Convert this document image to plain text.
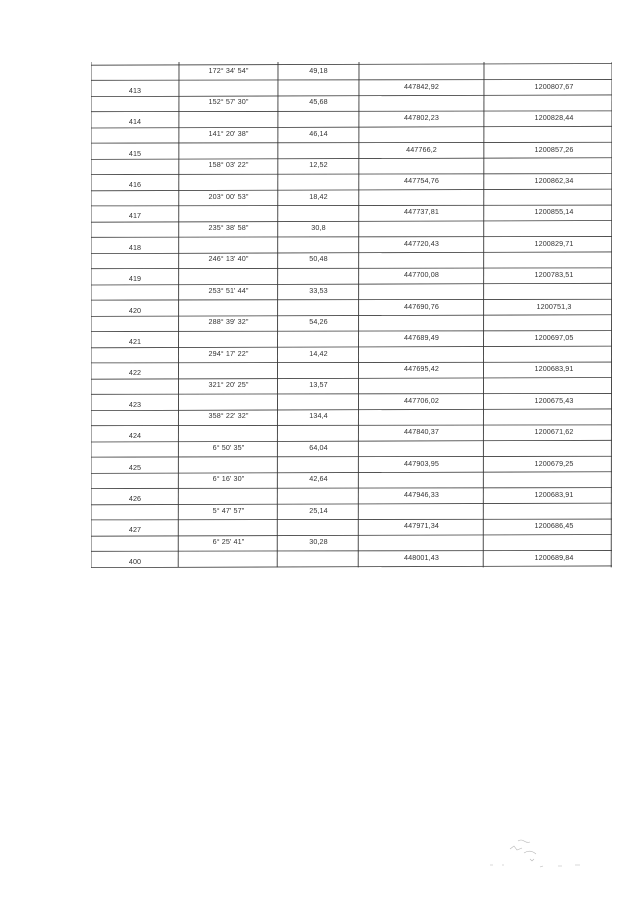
172° 34' 54"	49,18
413	447842,92	1200807,67
152° 57' 30"	45,68
414	447802,23	1200828,44
141° 20' 38"	46,14
415	447766,2	1200857,26
158° 03' 22"	12,52
416	447754,76	1200862,34
203° 00' 53"	18,42
417	447737,81	1200855,14
235° 38' 58"	30,8
418	447720,43	1200829,71
246° 13' 40"	50,48
419	447700,08	1200783,51
253° 51' 44"	33,53
420	447690,76	1200751,3
288° 39' 32"	54,26
421	447689,49	1200697,05
294° 17' 22"	14,42
422	447695,42	1200683,91
321° 20' 25"	13,57
423	447706,02	1200675,43
358° 22' 32"	134,4
424	447840,37	1200671,62
6° 50' 35"	64,04
425	447903,95	1200679,25
6° 16' 30"	42,64
426	447946,33	1200683,91
5° 47' 57"	25,14
427	447971,34	1200686,45
6° 25' 41"	30,28
400	448001,43	1200689,84
